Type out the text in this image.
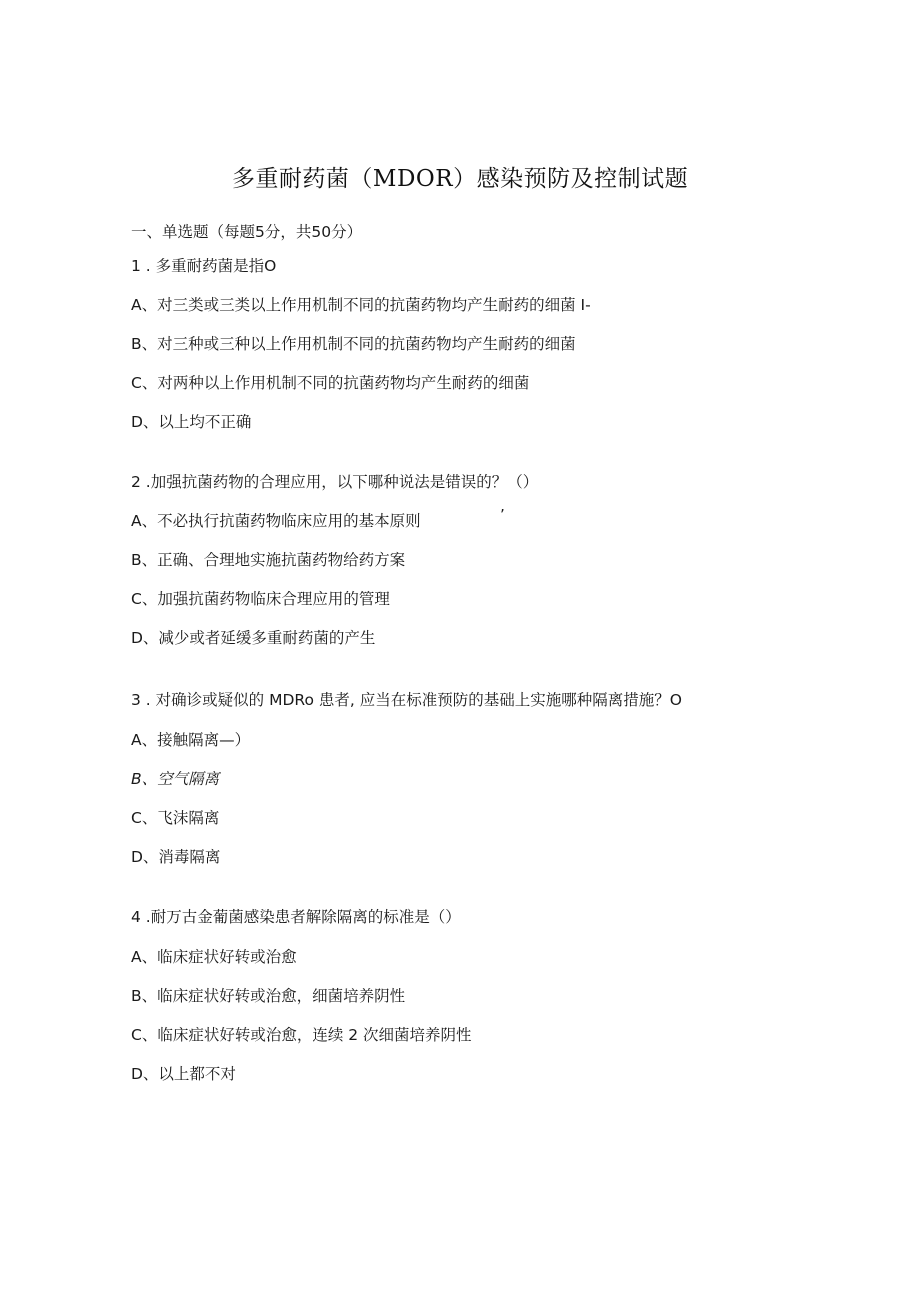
多重耐药菌（MDOR）感染预防及控制试题
一、单选题（每题5分，共50分）
1 . 多重耐药菌是指O
A、对三类或三类以上作用机制不同的抗菌药物均产生耐药的细菌 I-
B、对三种或三种以上作用机制不同的抗菌药物均产生耐药的细菌
C、对两种以上作用机制不同的抗菌药物均产生耐药的细菌
D、以上均不正确
2 .加强抗菌药物的合理应用，以下哪种说法是错误的？（）
A、不必执行抗菌药物临床应用的基本原则	’
B、正确、合理地实施抗菌药物给药方案
C、加强抗菌药物临床合理应用的管理
D、减少或者延缓多重耐药菌的产生
3 . 对确诊或疑似的 MDRo 患者, 应当在标准预防的基础上实施哪种隔离措施？O
A、接触隔离—）
B、空气隔离
C、飞沫隔离
D、消毒隔离
4 .耐万古金葡菌感染患者解除隔离的标准是（）
A、临床症状好转或治愈
B、临床症状好转或治愈，细菌培养阴性
C、临床症状好转或治愈，连续 2 次细菌培养阴性
D、以上都不对
